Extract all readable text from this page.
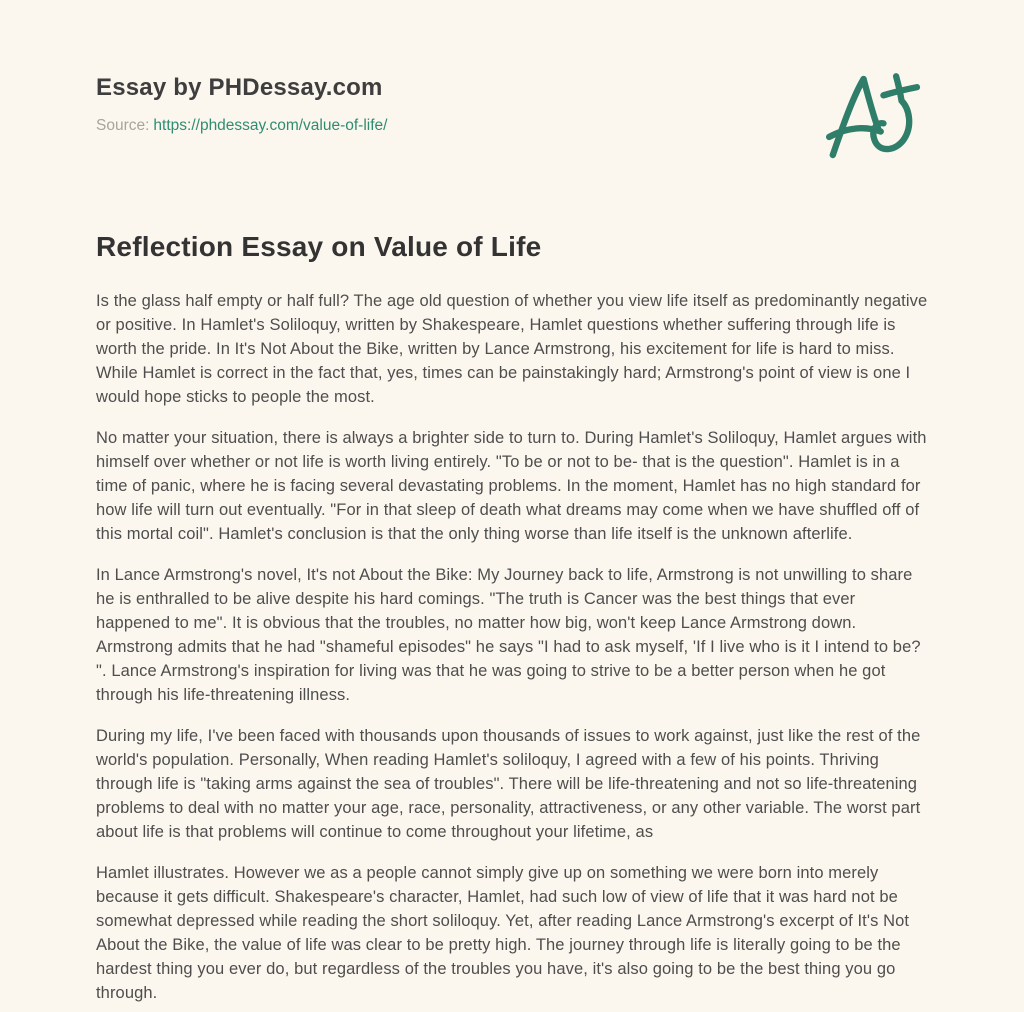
Essay by PHDessay.com
Source: https://phdessay.com/value-of-life/
Reflection Essay on Value of Life

Is the glass half empty or half full? The age old question of whether you view life itself as predominantly negative or positive. In Hamlet's Soliloquy, written by Shakespeare, Hamlet questions whether suffering through life is worth the pride. In It's Not About the Bike, written by Lance Armstrong, his excitement for life is hard to miss. While Hamlet is correct in the fact that, yes, times can be painstakingly hard; Armstrong's point of view is one I would hope sticks to people the most.

No matter your situation, there is always a brighter side to turn to. During Hamlet's Soliloquy, Hamlet argues with himself over whether or not life is worth living entirely. "To be or not to be- that is the question". Hamlet is in a time of panic, where he is facing several devastating problems. In the moment, Hamlet has no high standard for how life will turn out eventually. "For in that sleep of death what dreams may come when we have shuffled off of this mortal coil". Hamlet's conclusion is that the only thing worse than life itself is the unknown afterlife.

In Lance Armstrong's novel, It's not About the Bike: My Journey back to life, Armstrong is not unwilling to share he is enthralled to be alive despite his hard comings. "The truth is Cancer was the best things that ever happened to me". It is obvious that the troubles, no matter how big, won't keep Lance Armstrong down. Armstrong admits that he had "shameful episodes" he says "I had to ask myself, 'If I live who is it I intend to be? ". Lance Armstrong's inspiration for living was that he was going to strive to be a better person when he got through his life-threatening illness.

During my life, I've been faced with thousands upon thousands of issues to work against, just like the rest of the world's population. Personally, When reading Hamlet's soliloquy, I agreed with a few of his points. Thriving through life is "taking arms against the sea of troubles". There will be life-threatening and not so life-threatening problems to deal with no matter your age, race, personality, attractiveness, or any other variable. The worst part about life is that problems will continue to come throughout your lifetime, as

Hamlet illustrates. However we as a people cannot simply give up on something we were born into merely because it gets difficult. Shakespeare's character, Hamlet, had such low of view of life that it was hard not be somewhat depressed while reading the short soliloquy. Yet, after reading Lance Armstrong's excerpt of It's Not About the Bike, the value of life was clear to be pretty high. The journey through life is literally going to be the hardest thing you ever do, but regardless of the troubles you have, it's also going to be the best thing you go through.
